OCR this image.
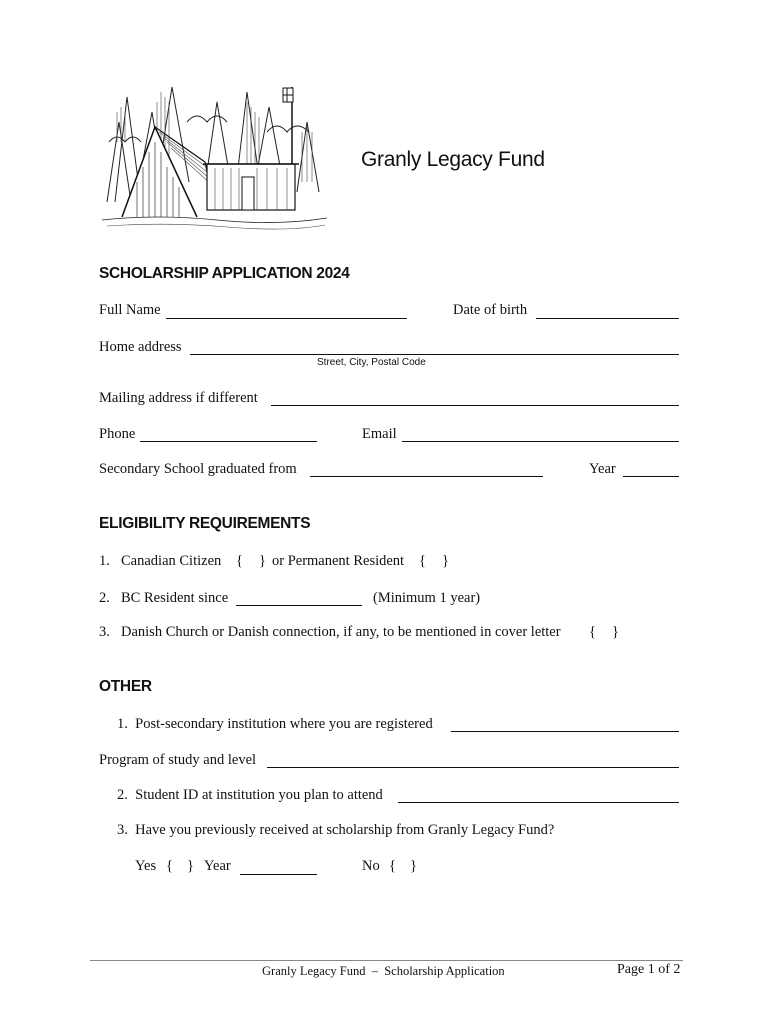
Granly Legacy Fund
SCHOLARSHIP APPLICATION 2024
Full Name	Date of birth
Home address
Street, City, Postal Code
Mailing address if different
Phone	Email
Secondary School graduated from	Year
ELIGIBILITY REQUIREMENTS
1. Canadian Citizen { } or Permanent Resident { }
2. BC Resident since	(Minimum 1 year)
3. Danish Church or Danish connection, if any, to be mentioned in cover letter { }
OTHER
1.  Post-secondary institution where you are registered
Program of study and level
2.  Student ID at institution you plan to attend
3.  Have you previously received at scholarship from Granly Legacy Fund?
Yes { } Year	No { }
Granly Legacy Fund  –  Scholarship Application	Page 1 of 2
